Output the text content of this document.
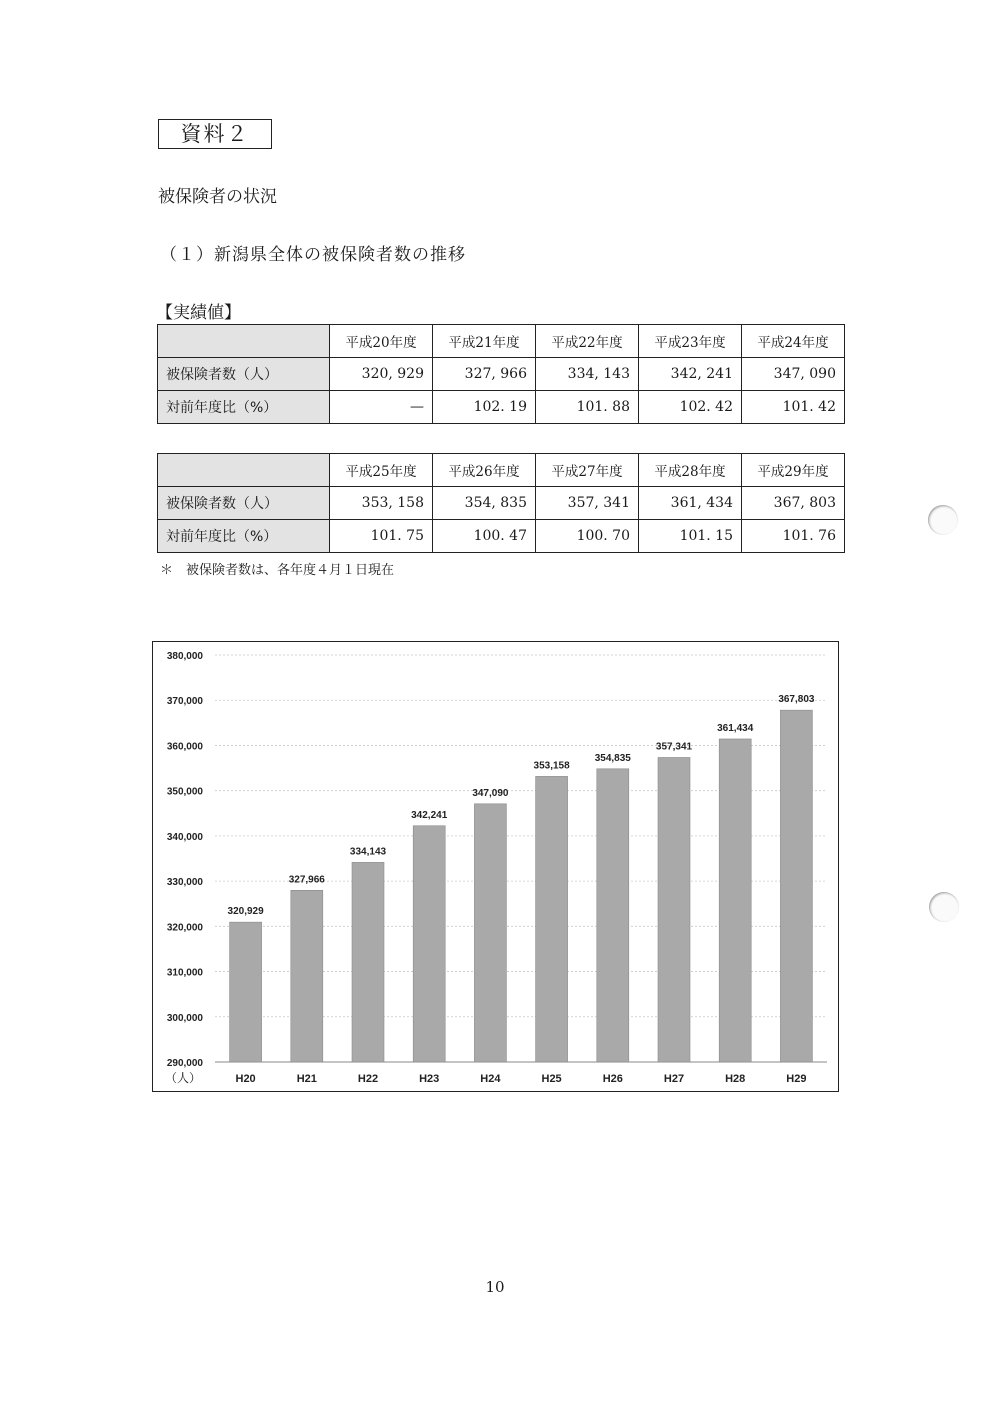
資料２
被保険者の状況
（１）新潟県全体の被保険者数の推移
【実績値】
	平成20年度	平成21年度	平成22年度	平成23年度	平成24年度
被保険者数（人）	320, 929	327, 966	334, 143	342, 241	347, 090
対前年度比（%）	—	102. 19	101. 88	102. 42	101. 42
	平成25年度	平成26年度	平成27年度	平成28年度	平成29年度
被保険者数（人）	353, 158	354, 835	357, 341	361, 434	367, 803
対前年度比（%）	101. 75	100. 47	100. 70	101. 15	101. 76
＊　被保険者数は、各年度４月１日現在
290,000
300,000
310,000
320,000
330,000
340,000
350,000
360,000
370,000
380,000
（人）
320,929
H20
327,966
H21
334,143
H22
342,241
H23
347,090
H24
353,158
H25
354,835
H26
357,341
H27
361,434
H28
367,803
H29
10
